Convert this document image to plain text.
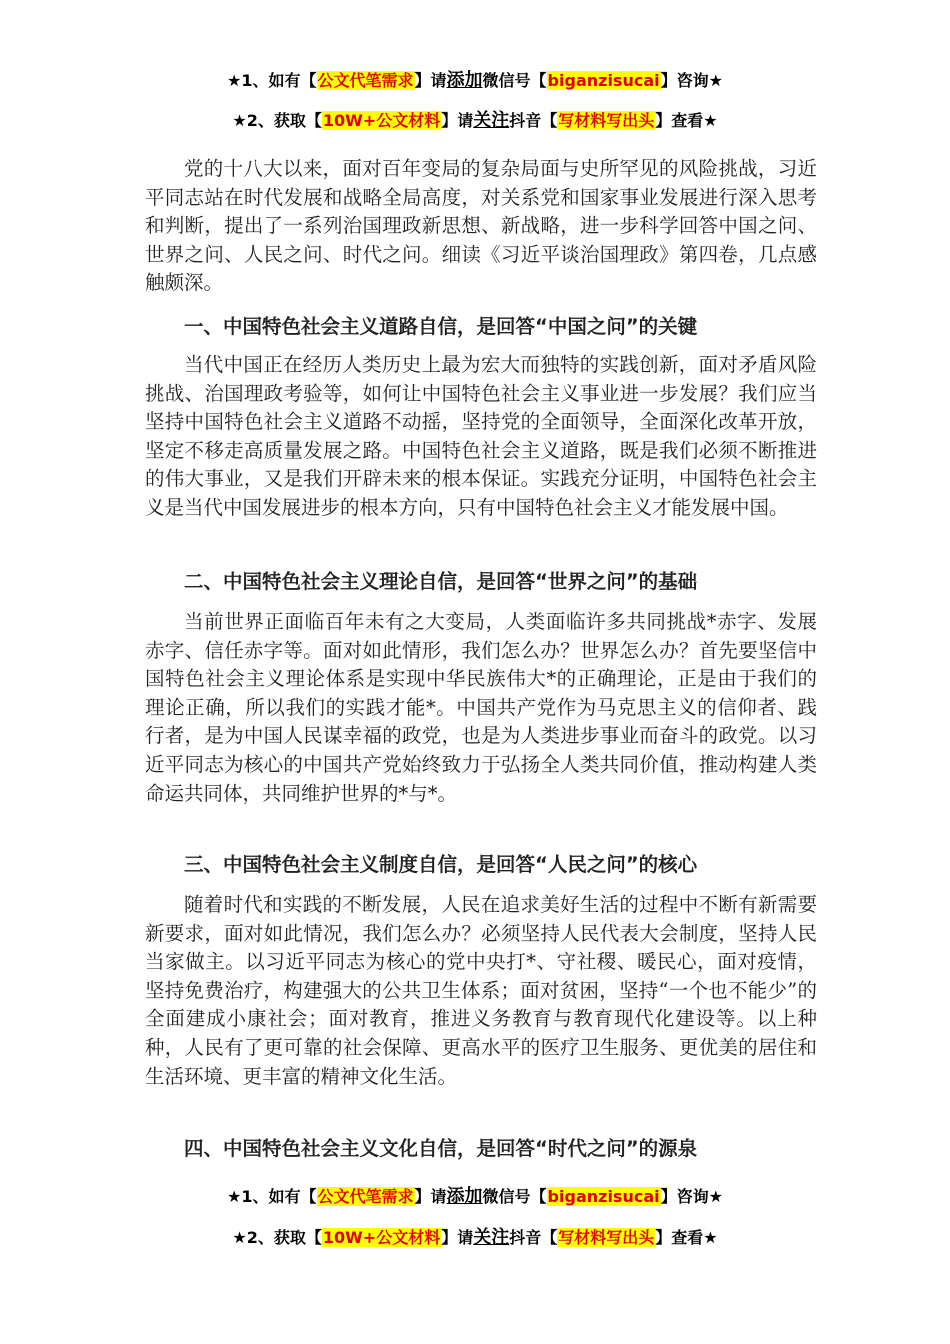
★1、如有【公文代笔需求】请添加微信号【biganzisucai】咨询★
★2、获取【10W+公文材料】请关注抖音【写材料写出头】查看★
党的十八大以来，面对百年变局的复杂局面与史所罕见的风险挑战，习近平同志站在时代发展和战略全局高度，对关系党和国家事业发展进行深入思考和判断，提出了一系列治国理政新思想、新战略，进一步科学回答中国之问、世界之问、人民之问、时代之问。细读《习近平谈治国理政》第四卷，几点感触颇深。
一、中国特色社会主义道路自信，是回答“中国之问”的关键
当代中国正在经历人类历史上最为宏大而独特的实践创新，面对矛盾风险挑战、治国理政考验等，如何让中国特色社会主义事业进一步发展？我们应当坚持中国特色社会主义道路不动摇，坚持党的全面领导，全面深化改革开放，坚定不移走高质量发展之路。中国特色社会主义道路，既是我们必须不断推进的伟大事业，又是我们开辟未来的根本保证。实践充分证明，中国特色社会主义是当代中国发展进步的根本方向，只有中国特色社会主义才能发展中国。
二、中国特色社会主义理论自信，是回答“世界之问”的基础
当前世界正面临百年未有之大变局，人类面临许多共同挑战*赤字、发展赤字、信任赤字等。面对如此情形，我们怎么办？世界怎么办？首先要坚信中国特色社会主义理论体系是实现中华民族伟大*的正确理论，正是由于我们的理论正确，所以我们的实践才能*。中国共产党作为马克思主义的信仰者、践行者，是为中国人民谋幸福的政党，也是为人类进步事业而奋斗的政党。以习近平同志为核心的中国共产党始终致力于弘扬全人类共同价值，推动构建人类命运共同体，共同维护世界的*与*。
三、中国特色社会主义制度自信，是回答“人民之问”的核心
随着时代和实践的不断发展，人民在追求美好生活的过程中不断有新需要新要求，面对如此情况，我们怎么办？必须坚持人民代表大会制度，坚持人民当家做主。以习近平同志为核心的党中央打*、守社稷、暖民心，面对疫情，坚持免费治疗，构建强大的公共卫生体系；面对贫困，坚持“一个也不能少”的全面建成小康社会；面对教育，推进义务教育与教育现代化建设等。以上种种，人民有了更可靠的社会保障、更高水平的医疗卫生服务、更优美的居住和生活环境、更丰富的精神文化生活。
四、中国特色社会主义文化自信，是回答“时代之问”的源泉
★1、如有【公文代笔需求】请添加微信号【biganzisucai】咨询★
★2、获取【10W+公文材料】请关注抖音【写材料写出头】查看★
